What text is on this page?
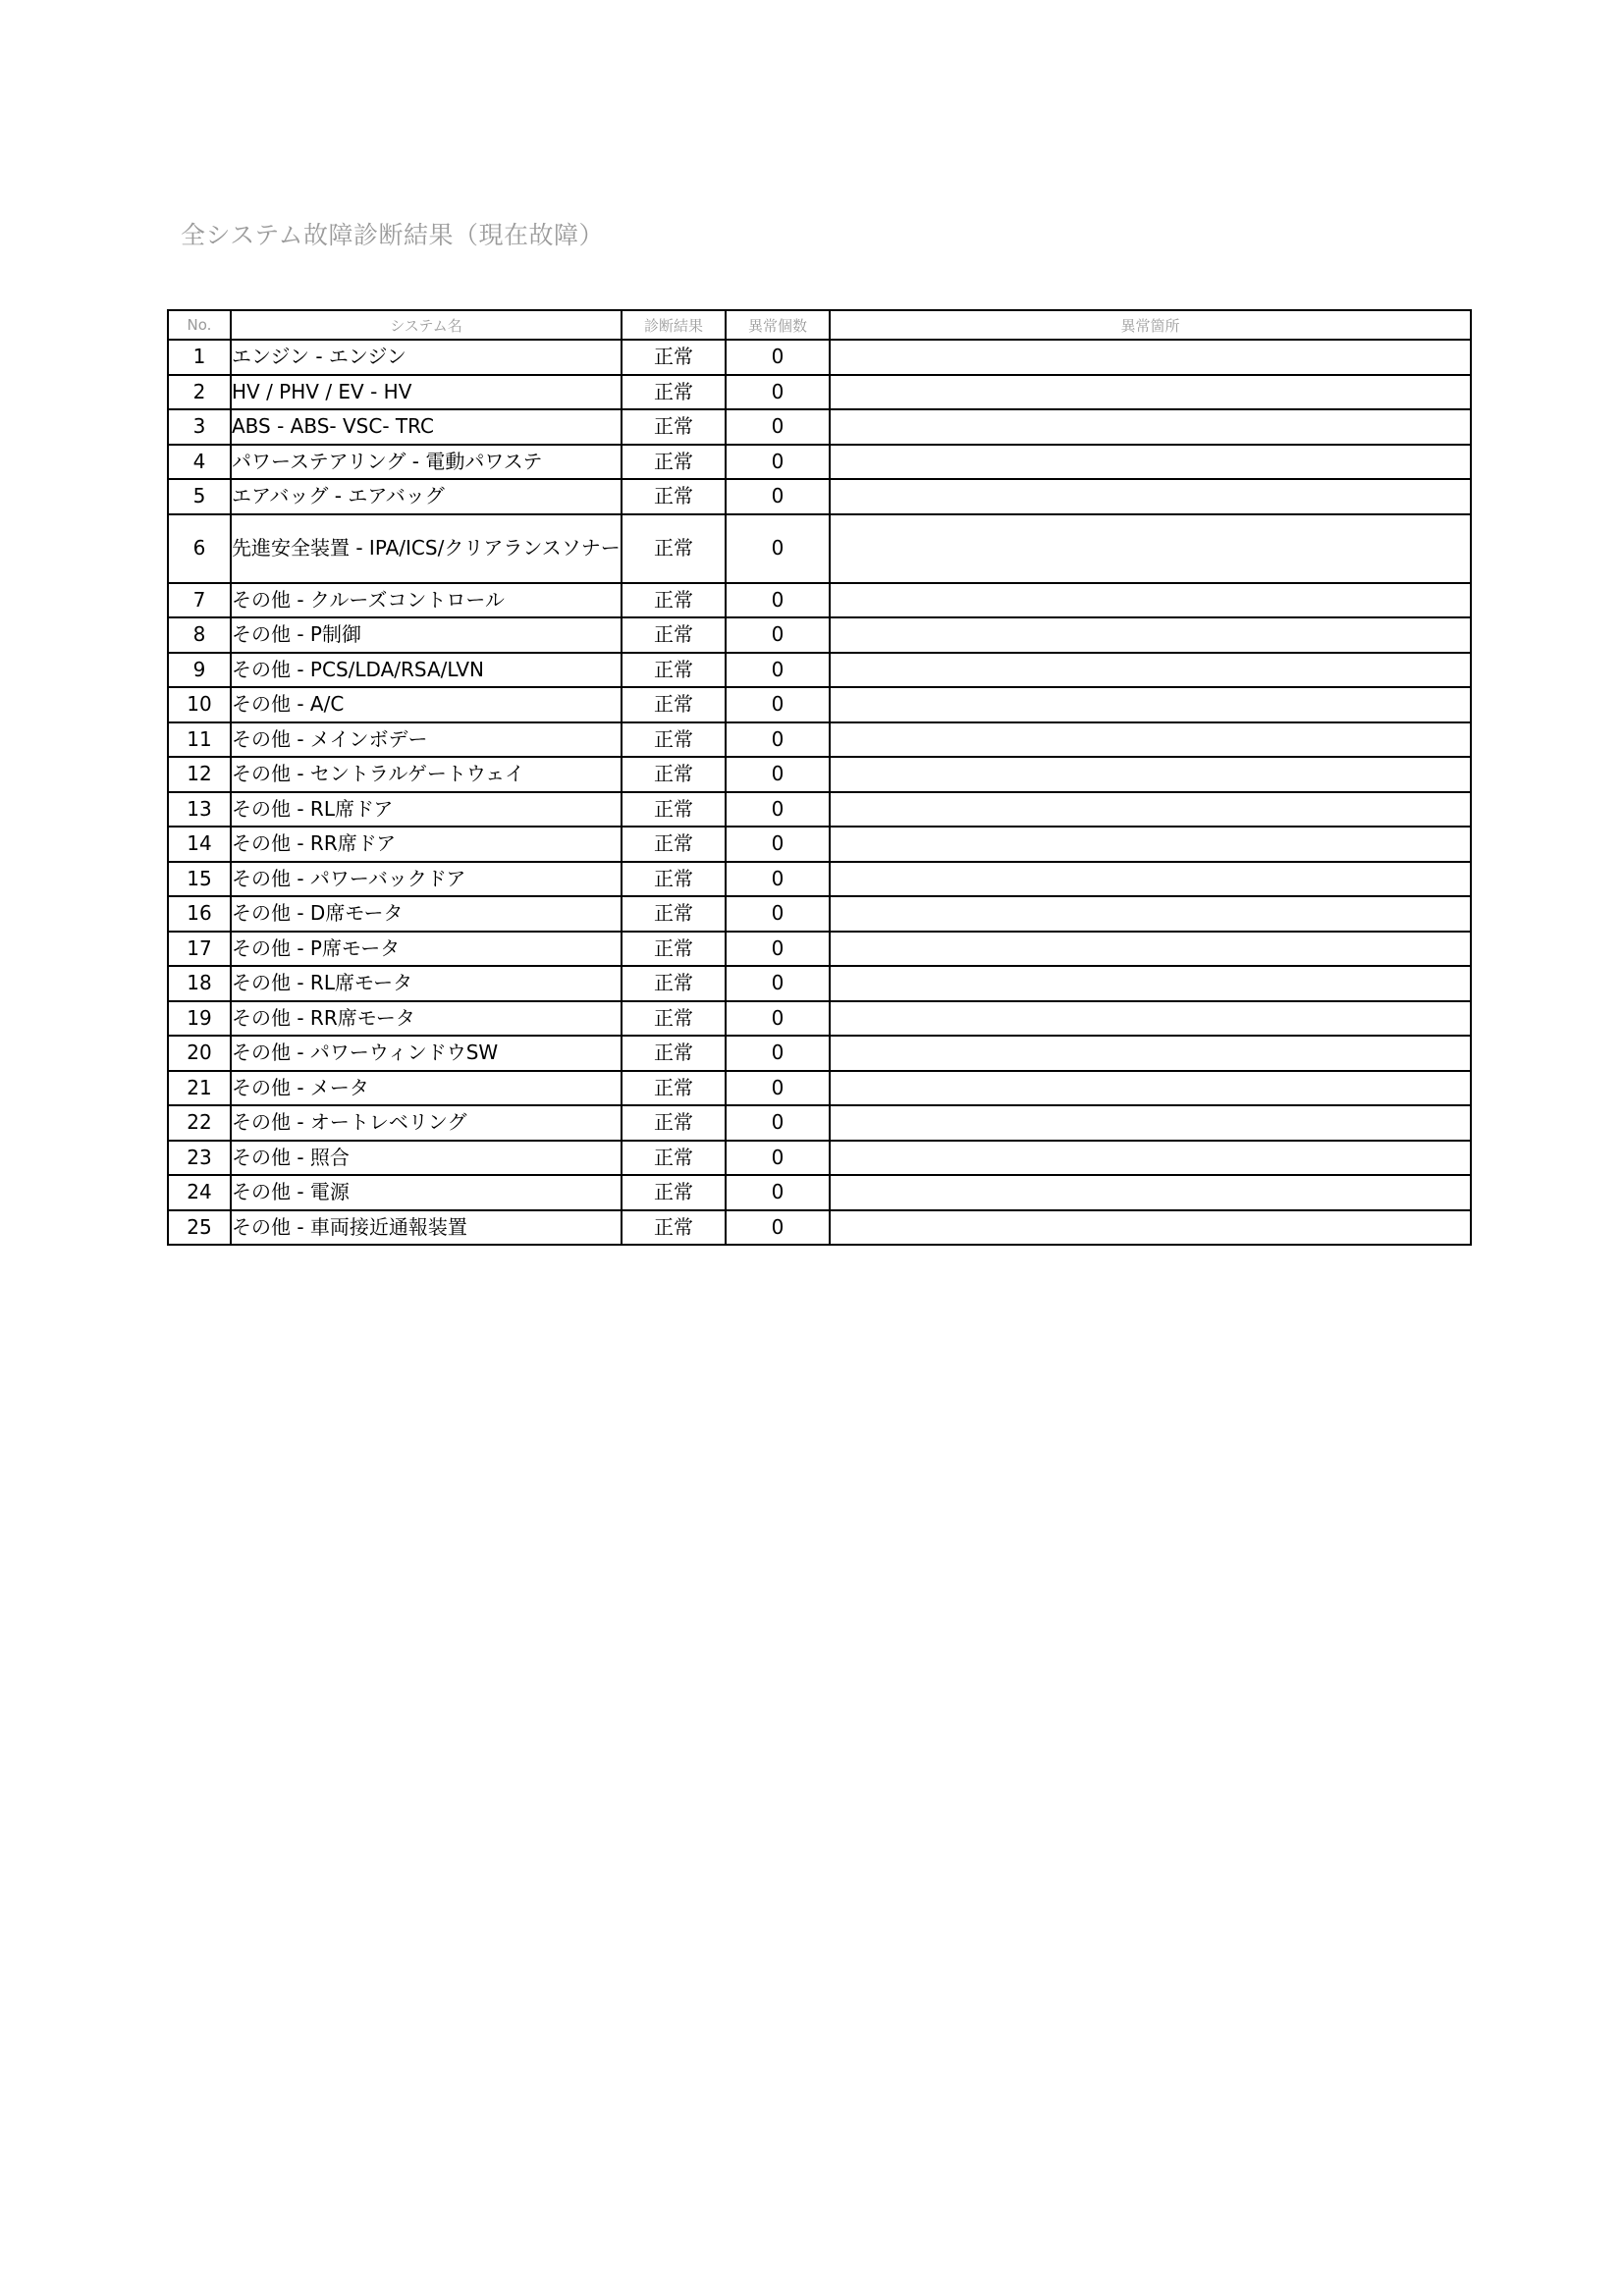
全システム故障診断結果（現在故障）
No.	システム名	診断結果	異常個数	異常箇所
1	エンジン - エンジン	正常	0	
2	HV / PHV / EV - HV	正常	0	
3	ABS - ABS- VSC- TRC	正常	0	
4	パワーステアリング - 電動パワステ	正常	0	
5	エアバッグ - エアバッグ	正常	0	
6	先進安全装置 - IPA/ICS/クリアランスソナー	正常	0	
7	その他 - クルーズコントロール	正常	0	
8	その他 - P制御	正常	0	
9	その他 - PCS/LDA/RSA/LVN	正常	0	
10	その他 - A/C	正常	0	
11	その他 - メインボデー	正常	0	
12	その他 - セントラルゲートウェイ	正常	0	
13	その他 - RL席ドア	正常	0	
14	その他 - RR席ドア	正常	0	
15	その他 - パワーバックドア	正常	0	
16	その他 - D席モータ	正常	0	
17	その他 - P席モータ	正常	0	
18	その他 - RL席モータ	正常	0	
19	その他 - RR席モータ	正常	0	
20	その他 - パワーウィンドウSW	正常	0	
21	その他 - メータ	正常	0	
22	その他 - オートレベリング	正常	0	
23	その他 - 照合	正常	0	
24	その他 - 電源	正常	0	
25	その他 - 車両接近通報装置	正常	0	
